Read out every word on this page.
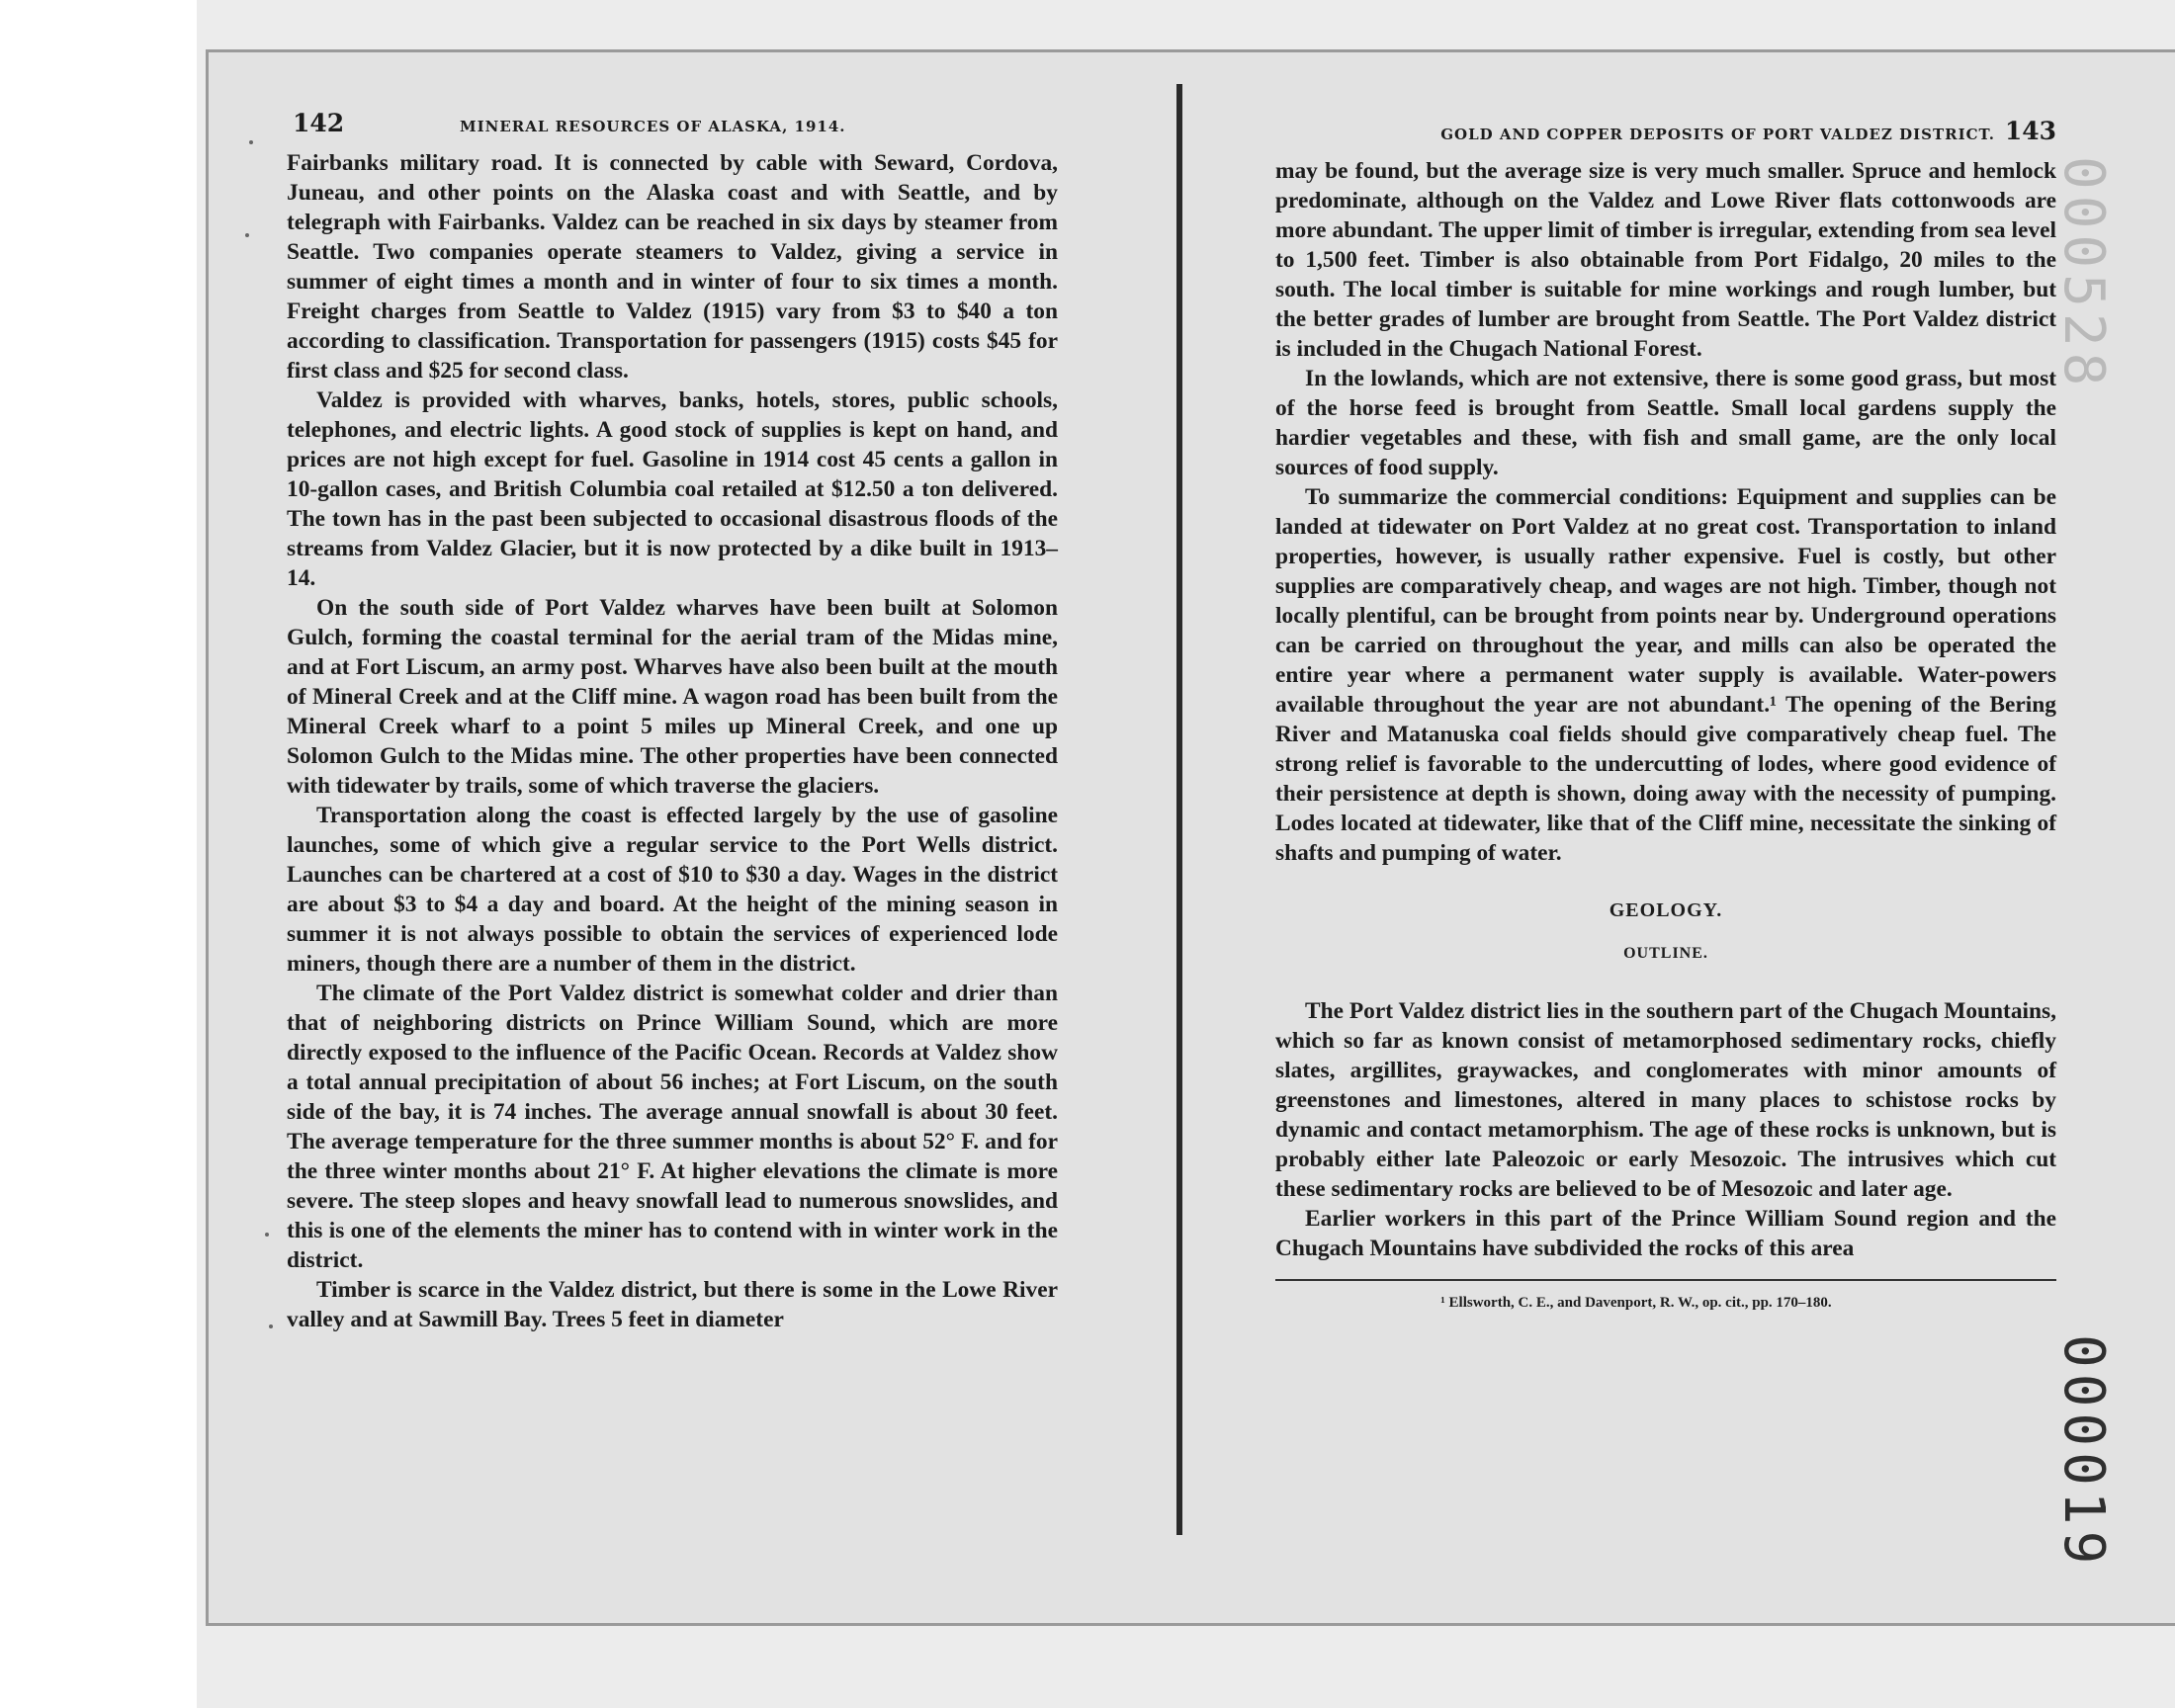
142	MINERAL RESOURCES OF ALASKA, 1914.

Fairbanks military road. It is connected by cable with Seward, Cordova, Juneau, and other points on the Alaska coast and with Seattle, and by telegraph with Fairbanks. Valdez can be reached in six days by steamer from Seattle. Two companies operate steamers to Valdez, giving a service in summer of eight times a month and in winter of four to six times a month. Freight charges from Seattle to Valdez (1915) vary from $3 to $40 a ton according to classification. Transportation for passengers (1915) costs $45 for first class and $25 for second class.

Valdez is provided with wharves, banks, hotels, stores, public schools, telephones, and electric lights. A good stock of supplies is kept on hand, and prices are not high except for fuel. Gasoline in 1914 cost 45 cents a gallon in 10-gallon cases, and British Columbia coal retailed at $12.50 a ton delivered. The town has in the past been subjected to occasional disastrous floods of the streams from Valdez Glacier, but it is now protected by a dike built in 1913–14.

On the south side of Port Valdez wharves have been built at Solomon Gulch, forming the coastal terminal for the aerial tram of the Midas mine, and at Fort Liscum, an army post. Wharves have also been built at the mouth of Mineral Creek and at the Cliff mine. A wagon road has been built from the Mineral Creek wharf to a point 5 miles up Mineral Creek, and one up Solomon Gulch to the Midas mine. The other properties have been connected with tidewater by trails, some of which traverse the glaciers.

Transportation along the coast is effected largely by the use of gasoline launches, some of which give a regular service to the Port Wells district. Launches can be chartered at a cost of $10 to $30 a day. Wages in the district are about $3 to $4 a day and board. At the height of the mining season in summer it is not always possible to obtain the services of experienced lode miners, though there are a number of them in the district.

The climate of the Port Valdez district is somewhat colder and drier than that of neighboring districts on Prince William Sound, which are more directly exposed to the influence of the Pacific Ocean. Records at Valdez show a total annual precipitation of about 56 inches; at Fort Liscum, on the south side of the bay, it is 74 inches. The average annual snowfall is about 30 feet. The average temperature for the three summer months is about 52° F. and for the three winter months about 21° F. At higher elevations the climate is more severe. The steep slopes and heavy snowfall lead to numerous snowslides, and this is one of the elements the miner has to contend with in winter work in the district.

Timber is scarce in the Valdez district, but there is some in the Lowe River valley and at Sawmill Bay. Trees 5 feet in diameter

GOLD AND COPPER DEPOSITS OF PORT VALDEZ DISTRICT. 143

may be found, but the average size is very much smaller. Spruce and hemlock predominate, although on the Valdez and Lowe River flats cottonwoods are more abundant. The upper limit of timber is irregular, extending from sea level to 1,500 feet. Timber is also obtainable from Port Fidalgo, 20 miles to the south. The local timber is suitable for mine workings and rough lumber, but the better grades of lumber are brought from Seattle. The Port Valdez district is included in the Chugach National Forest.

In the lowlands, which are not extensive, there is some good grass, but most of the horse feed is brought from Seattle. Small local gardens supply the hardier vegetables and these, with fish and small game, are the only local sources of food supply.

To summarize the commercial conditions: Equipment and supplies can be landed at tidewater on Port Valdez at no great cost. Transportation to inland properties, however, is usually rather expensive. Fuel is costly, but other supplies are comparatively cheap, and wages are not high. Timber, though not locally plentiful, can be brought from points near by. Underground operations can be carried on throughout the year, and mills can also be operated the entire year where a permanent water supply is available. Water-powers available throughout the year are not abundant.¹ The opening of the Bering River and Matanuska coal fields should give comparatively cheap fuel. The strong relief is favorable to the undercutting of lodes, where good evidence of their persistence at depth is shown, doing away with the necessity of pumping. Lodes located at tidewater, like that of the Cliff mine, necessitate the sinking of shafts and pumping of water.

GEOLOGY.
OUTLINE.

The Port Valdez district lies in the southern part of the Chugach Mountains, which so far as known consist of metamorphosed sedimentary rocks, chiefly slates, argillites, graywackes, and conglomerates with minor amounts of greenstones and limestones, altered in many places to schistose rocks by dynamic and contact metamorphism. The age of these rocks is unknown, but is probably either late Paleozoic or early Mesozoic. The intrusives which cut these sedimentary rocks are believed to be of Mesozoic and later age.

Earlier workers in this part of the Prince William Sound region and the Chugach Mountains have subdivided the rocks of this area

¹ Ellsworth, C. E., and Davenport, R. W., op. cit., pp. 170–180.
000528
000019
